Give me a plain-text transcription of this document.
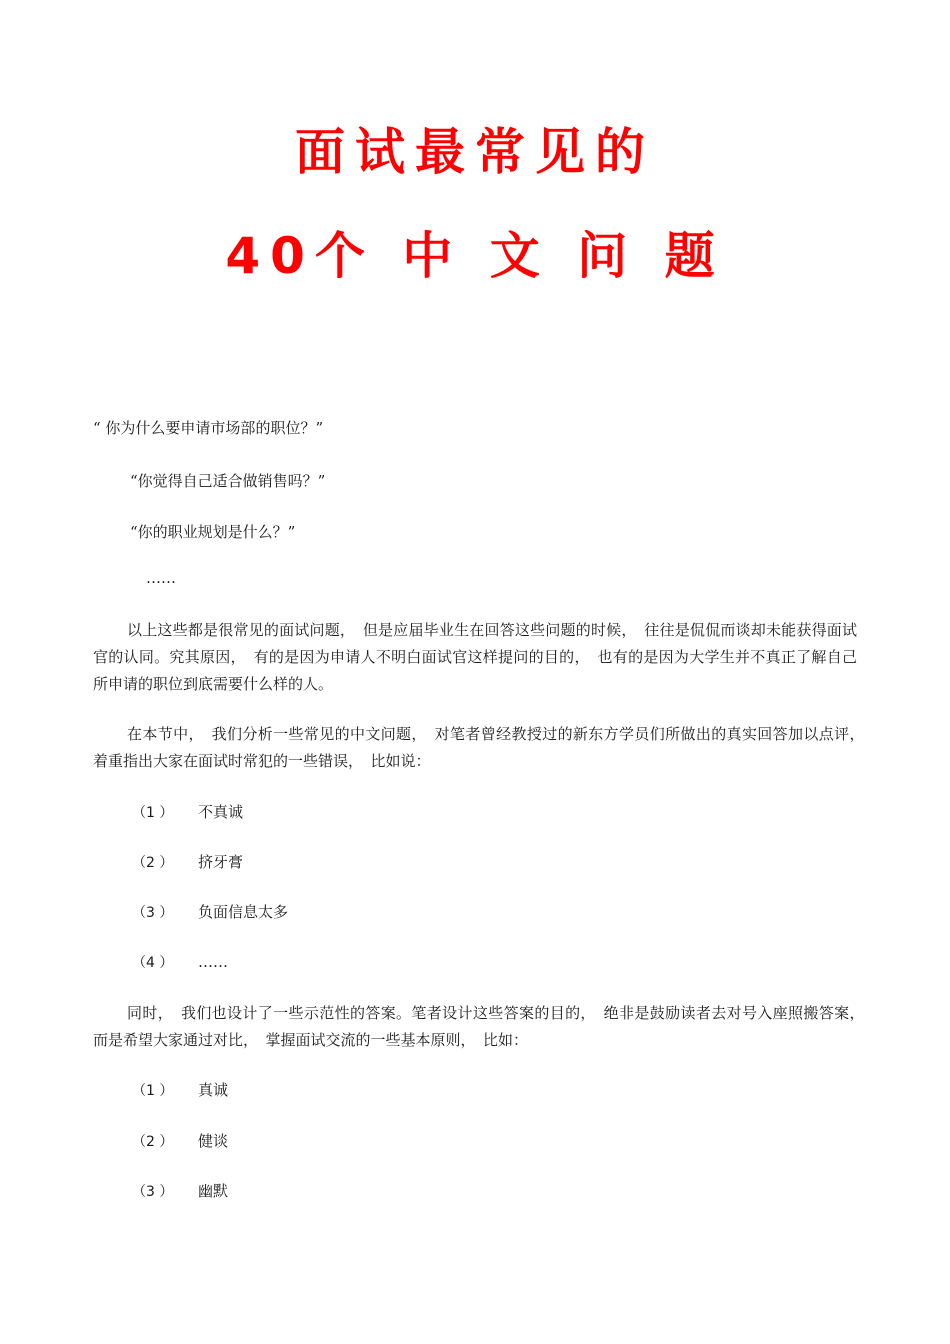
面试最常见的
40个 中 文 问 题
“ 你为什么要申请市场部的职位？”
“你觉得自己适合做销售吗？”
“你的职业规划是什么？”
……
以上这些都是很常见的面试问题，　但是应届毕业生在回答这些问题的时候，　往往是侃侃而谈却未能获得面试官的认同。究其原因，　有的是因为申请人不明白面试官这样提问的目的，　也有的是因为大学生并不真正了解自己所申请的职位到底需要什么样的人。
在本节中，　我们分析一些常见的中文问题，　对笔者曾经教授过的新东方学员们所做出的真实回答加以点评，　着重指出大家在面试时常犯的一些错误，　比如说：
（1 ） 不真诚
（2 ） 挤牙膏
（3 ） 负面信息太多
（4 ） ……
同时，　我们也设计了一些示范性的答案。笔者设计这些答案的目的，　绝非是鼓励读者去对号入座照搬答案，　而是希望大家通过对比，　掌握面试交流的一些基本原则，　比如：
（1 ） 真诚
（2 ） 健谈
（3 ） 幽默
